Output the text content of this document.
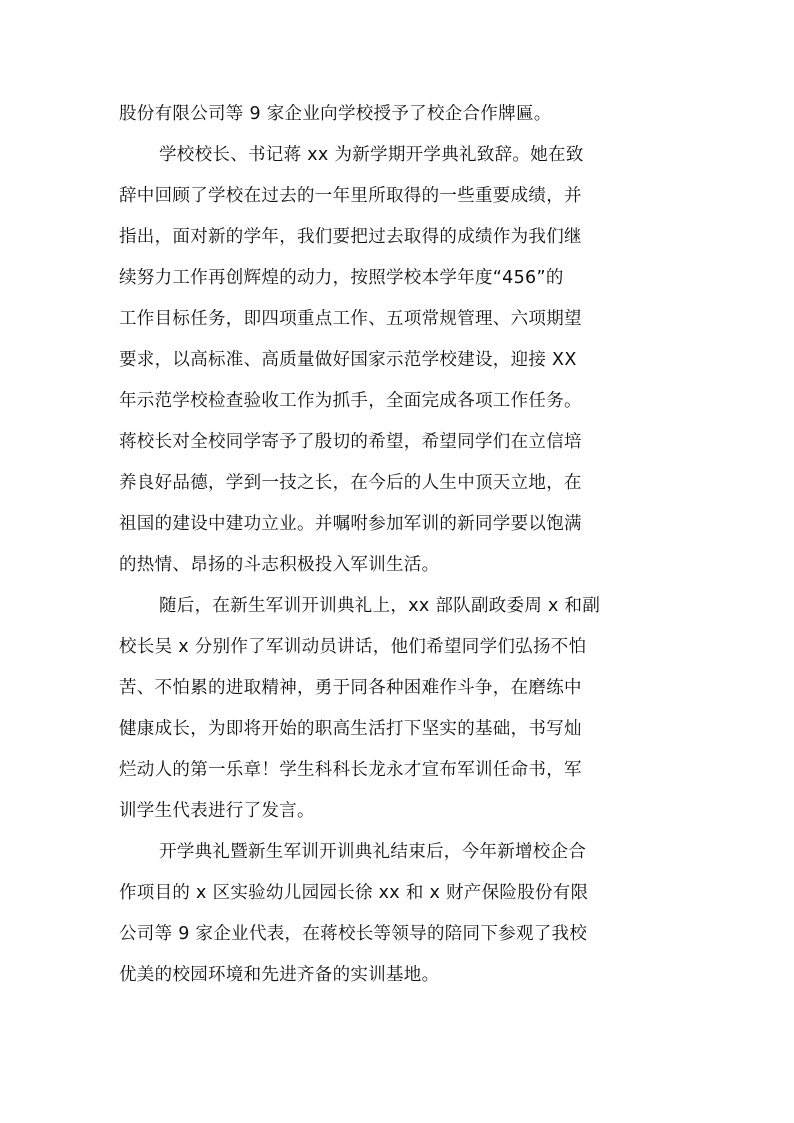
股份有限公司等 9 家企业向学校授予了校企合作牌匾。
学校校长、书记蒋 xx 为新学期开学典礼致辞。她在致
辞中回顾了学校在过去的一年里所取得的一些重要成绩，并
指出，面对新的学年，我们要把过去取得的成绩作为我们继
续努力工作再创辉煌的动力，按照学校本学年度“456”的
工作目标任务，即四项重点工作、五项常规管理、六项期望
要求，以高标准、高质量做好国家示范学校建设，迎接 XX
年示范学校检查验收工作为抓手，全面完成各项工作任务。
蒋校长对全校同学寄予了殷切的希望，希望同学们在立信培
养良好品德，学到一技之长，在今后的人生中顶天立地，在
祖国的建设中建功立业。并嘱咐参加军训的新同学要以饱满
的热情、昂扬的斗志积极投入军训生活。
随后，在新生军训开训典礼上，xx 部队副政委周 x 和副
校长吴 x 分别作了军训动员讲话，他们希望同学们弘扬不怕
苦、不怕累的进取精神，勇于同各种困难作斗争，在磨练中
健康成长，为即将开始的职高生活打下坚实的基础，书写灿
烂动人的第一乐章！学生科科长龙永才宣布军训任命书，军
训学生代表进行了发言。
开学典礼暨新生军训开训典礼结束后，今年新增校企合
作项目的 x 区实验幼儿园园长徐 xx 和 x 财产保险股份有限
公司等 9 家企业代表，在蒋校长等领导的陪同下参观了我校
优美的校园环境和先进齐备的实训基地。
